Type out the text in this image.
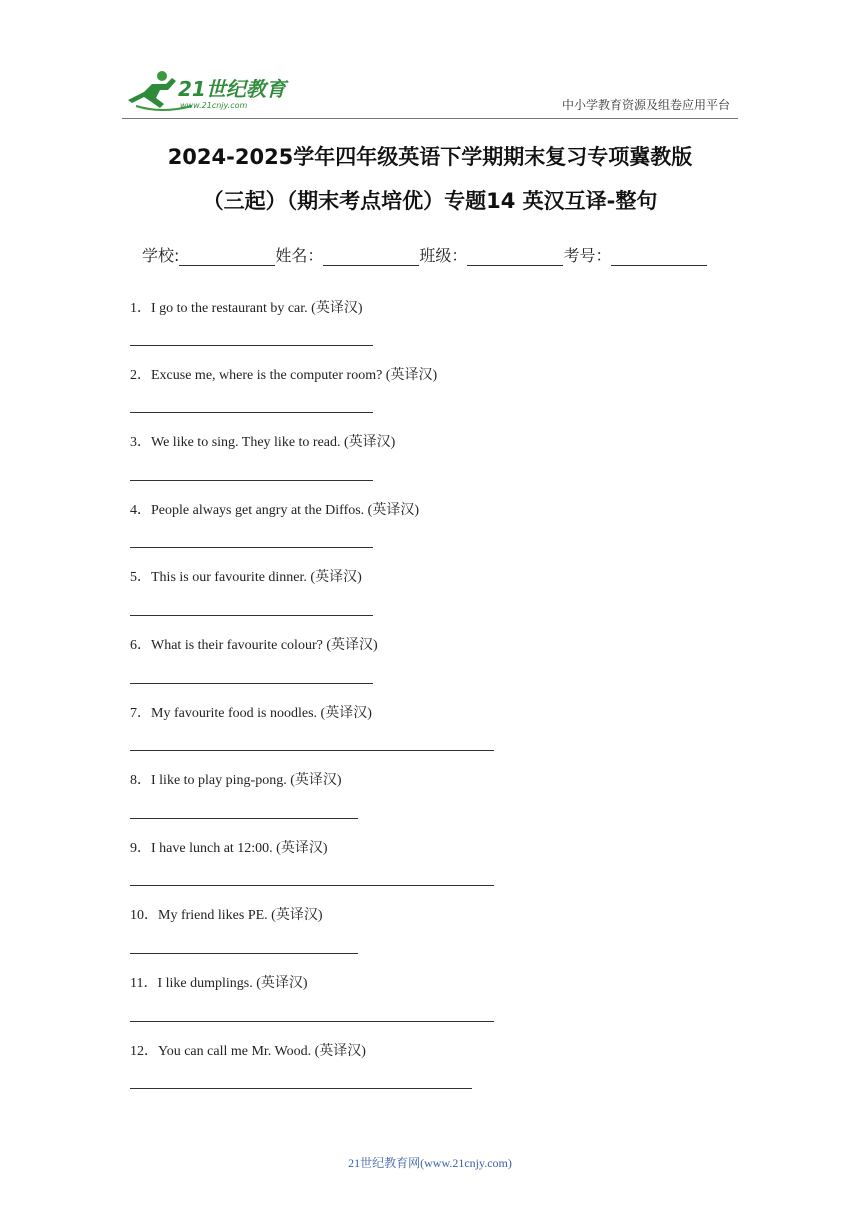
21世纪教育
www.21cnjy.com	中小学教育资源及组卷应用平台
2024-2025学年四年级英语下学期期末复习专项冀教版
（三起）（期末考点培优）专题14 英汉互译-整句
学校:	姓名：	班级：	考号：
1．I go to the restaurant by car. (英译汉)
2．Excuse me, where is the computer room? (英译汉)
3．We like to sing. They like to read. (英译汉)
4．People always get angry at the Diffos. (英译汉)
5．This is our favourite dinner. (英译汉)
6．What is their favourite colour? (英译汉)
7．My favourite food is noodles. (英译汉)
8．I like to play ping-pong. (英译汉)
9．I have lunch at 12:00. (英译汉)
10．My friend likes PE. (英译汉)
11．I like dumplings. (英译汉)
12．You can call me Mr. Wood. (英译汉)
21世纪教育网(www.21cnjy.com)
